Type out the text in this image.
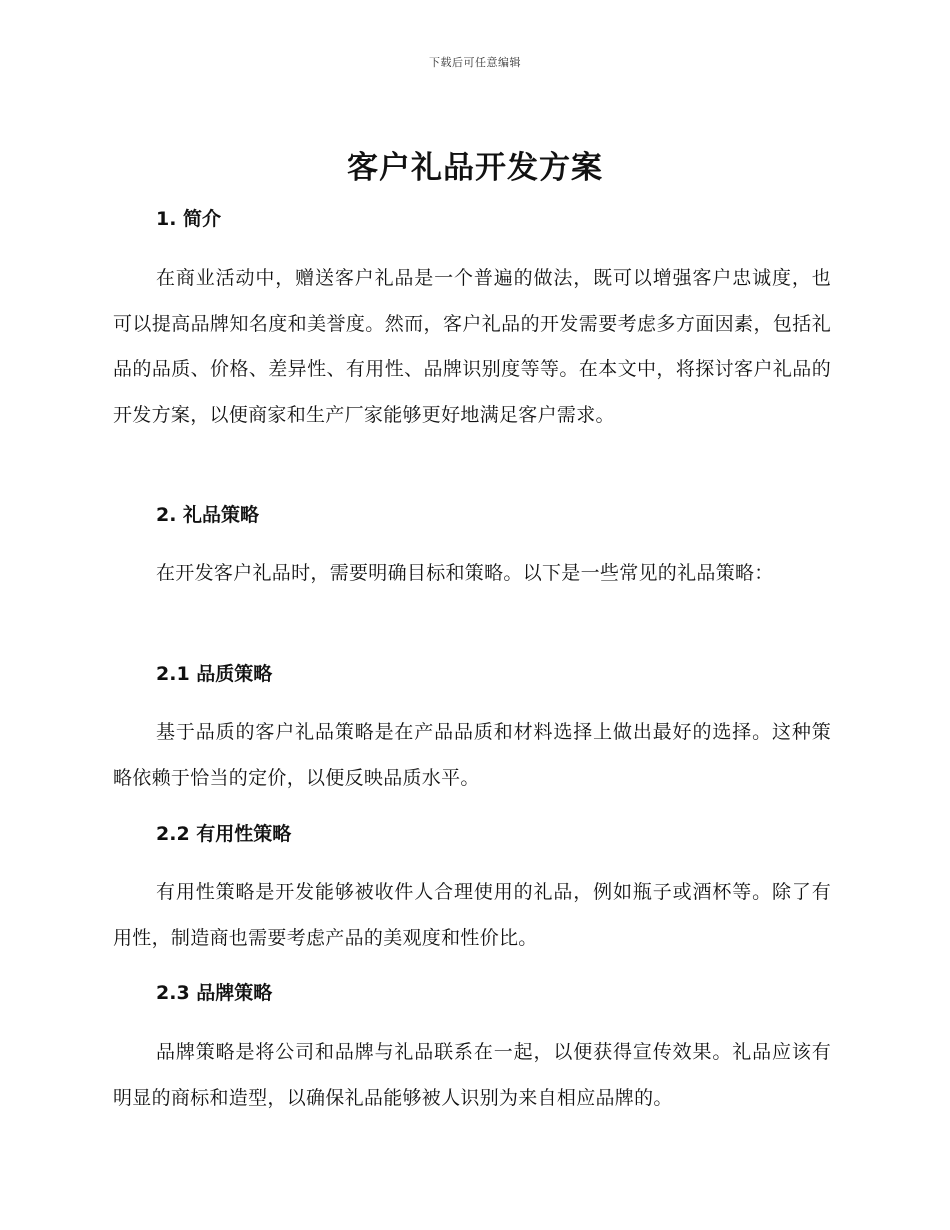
下载后可任意编辑
客户礼品开发方案
1. 简介

在商业活动中，赠送客户礼品是一个普遍的做法，既可以增强客户忠诚度，也可以提高品牌知名度和美誉度。然而，客户礼品的开发需要考虑多方面因素，包括礼品的品质、价格、差异性、有用性、品牌识别度等等。在本文中，将探讨客户礼品的开发方案，以便商家和生产厂家能够更好地满足客户需求。

2. 礼品策略

在开发客户礼品时，需要明确目标和策略。以下是一些常见的礼品策略：

2.1 品质策略

基于品质的客户礼品策略是在产品品质和材料选择上做出最好的选择。这种策略依赖于恰当的定价，以便反映品质水平。

2.2 有用性策略

有用性策略是开发能够被收件人合理使用的礼品，例如瓶子或酒杯等。除了有用性，制造商也需要考虑产品的美观度和性价比。

2.3 品牌策略

品牌策略是将公司和品牌与礼品联系在一起，以便获得宣传效果。礼品应该有明显的商标和造型，以确保礼品能够被人识别为来自相应品牌的。
